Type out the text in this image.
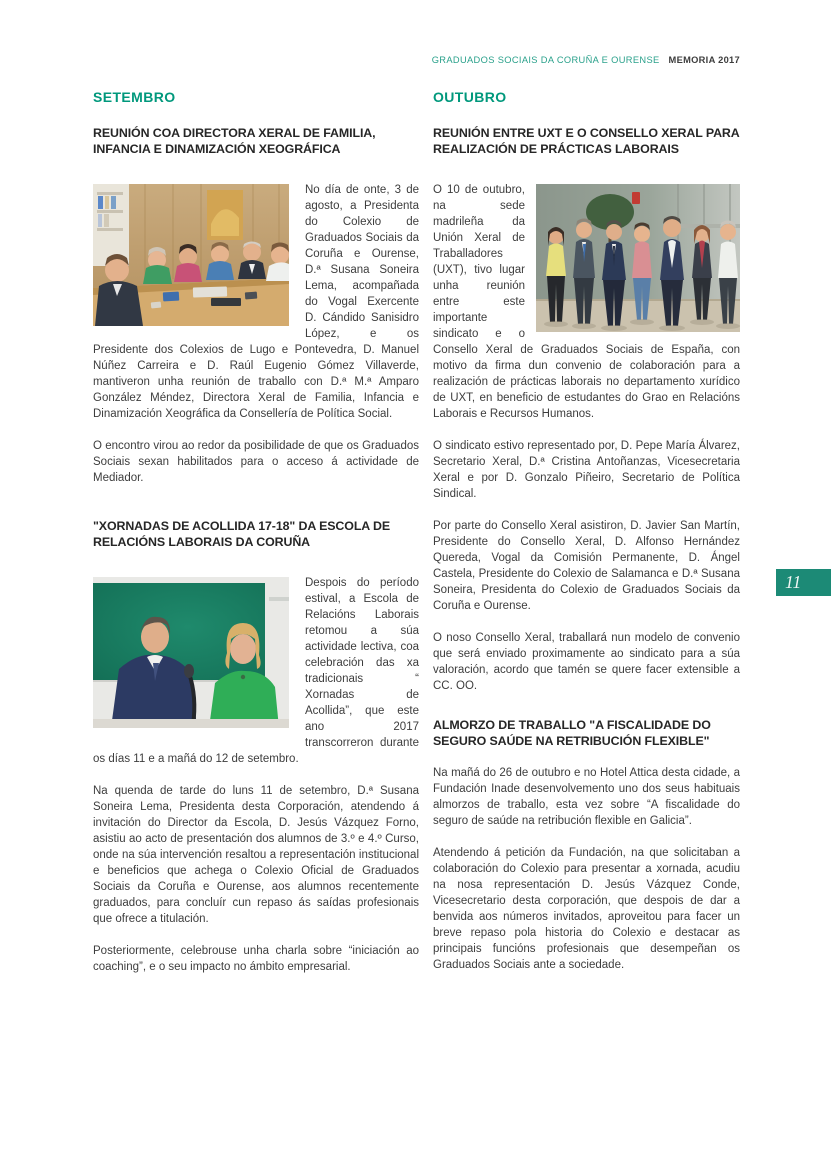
GRADUADOS SOCIAIS DA CORUÑA E OURENSE MEMORIA 2017
SETEMBRO
REUNIÓN COA DIRECTORA XERAL DE FAMILIA, INFANCIA E DINAMIZACIÓN XEOGRÁFICA

No día de onte, 3 de agosto, a Presidenta do Colexio de Graduados Sociais da Coruña e Ourense, D.ª Susana Soneira Lema, acompañada do Vogal Exercente D. Cándido Sanisidro López, e os Presidente dos Colexios de Lugo e Pontevedra, D. Manuel Núñez Carreira e D. Raúl Eugenio Gómez Villaverde, mantiveron unha reunión de traballo con D.ª M.ª Amparo González Méndez, Directora Xeral de Familia, Infancia e Dinamización Xeográfica da Consellería de Política Social.

O encontro virou ao redor da posibilidade de que os Graduados Sociais sexan habilitados para o acceso á actividade de Mediador.

"XORNADAS DE ACOLLIDA 17-18" DA ESCOLA DE RELACIÓNS LABORAIS DA CORUÑA

Despois do período estival, a Escola de Relacións Laborais retomou a súa actividade lectiva, coa celebración das xa tradicionais “ Xornadas de Acollida”, que este ano 2017 transcorreron durante os días 11 e a mañá do 12 de setembro.

Na quenda de tarde do luns 11 de setembro, D.ª Susana Soneira Lema, Presidenta desta Corporación, atendendo á invitación do Director da Escola, D. Jesús Vázquez Forno, asistiu ao acto de presentación dos alumnos de 3.º e 4.º Curso, onde na súa intervención resaltou a representación institucional e beneficios que achega o Colexio Oficial de Graduados Sociais da Coruña e Ourense, aos alumnos recentemente graduados, para concluír cun repaso ás saídas profesionais que ofrece a titulación.

Posteriormente, celebrouse unha charla sobre “iniciación ao coaching”, e o seu impacto no ámbito empresarial.

OUTUBRO
REUNIÓN ENTRE UXT E O CONSELLO XERAL PARA REALIZACIÓN DE PRÁCTICAS LABORAIS

O 10 de outubro, na sede madrileña da Unión Xeral de Traballadores (UXT), tivo lugar unha reunión entre este importante sindicato e o Consello Xeral de Graduados Sociais de España, con motivo da firma dun convenio de colaboración para a realización de prácticas laborais no departamento xurídico de UXT, en beneficio de estudantes do Grao en Relacións Laborais e Recursos Humanos.

O sindicato estivo representado por, D. Pepe María Álvarez, Secretario Xeral, D.ª Cristina Antoñanzas, Vicesecretaria Xeral e por D. Gonzalo Piñeiro, Secretario de Política Sindical.

Por parte do Consello Xeral asistiron, D. Javier San Martín, Presidente do Consello Xeral, D. Alfonso Hernández Quereda, Vogal da Comisión Permanente, D. Ángel Castela, Presidente do Colexio de Salamanca e D.ª Susana Soneira, Presidenta do Colexio de Graduados Sociais da Coruña e Ourense.

O noso Consello Xeral, traballará nun modelo de convenio que será enviado proximamente ao sindicato para a súa valoración, acordo que tamén se quere facer extensible a CC. OO.

ALMORZO DE TRABALLO "A FISCALIDADE DO SEGURO SAÚDE NA RETRIBUCIÓN FLEXIBLE"

Na mañá do 26 de outubro e no Hotel Attica desta cidade, a Fundación Inade desenvolvemento uno dos seus habituais almorzos de traballo, esta vez sobre “A fiscalidade do seguro de saúde na retribución flexible en Galicia”.

Atendendo á petición da Fundación, na que solicitaban a colaboración do Colexio para presentar a xornada, acudiu na nosa representación D. Jesús Vázquez Conde, Vicesecretario desta corporación, que despois de dar a benvida aos números invitados, aproveitou para facer un breve repaso pola historia do Colexio e destacar as principais funcións profesionais que desempeñan os Graduados Sociais ante a sociedade.

11
